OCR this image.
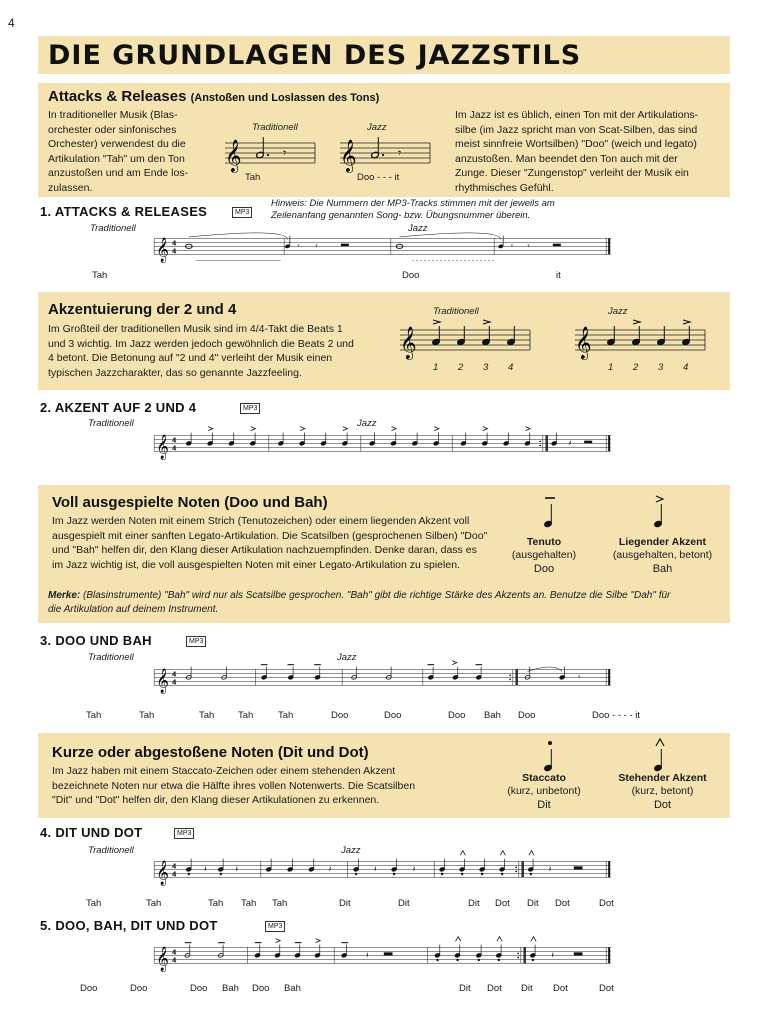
4
DIE GRUNDLAGEN DES JAZZSTILS
Attacks & Releases (Anstoßen und Loslassen des Tons)
In traditioneller Musik (Blas-
orchester oder sinfonisches
Orchester) verwendest du die
Artikulation "Tah" um den Ton
anzustoßen und am Ende los-
zulassen.
Im Jazz ist es üblich, einen Ton mit der Artikulations-
silbe (im Jazz spricht man von Scat-Silben, das sind
meist sinnfreie Wortsilben) "Doo" (weich und legato)
anzustoßen. Man beendet den Ton auch mit der
Zunge. Dieser "Zungenstop" verleiht der Musik ein
rhythmisches Gefühl.
Traditionell	Jazz
𝄞	𝄞
𝄾	𝄾
Tah	Doo - - - it
1. ATTACKS & RELEASES	MP3
Hinweis: Die Nummern der MP3-Tracks stimmen mit der jeweils am
Zeilenanfang genannten Song- bzw. Übungsnummer überein.
Traditionell	Jazz
𝄞 4
4
𝄾 𝄾	𝄾 𝄾
Tah	Doo	it
Akzentuierung der 2 und 4
Im Großteil der traditionellen Musik sind im 4/4-Takt die Beats 1
und 3 wichtig. Im Jazz werden jedoch gewöhnlich die Beats 2 und
4 betont. Die Betonung auf "2 und 4" verleiht der Musik einen
typischen Jazzcharakter, das so genannte Jazzfeeling.
Traditionell	Jazz
𝄞	𝄞
1 2 3 4	1 2 3 4
2. AKZENT AUF 2 UND 4	MP3
Traditionell	Jazz
𝄞 4
4
𝄽
Voll ausgespielte Noten (Doo und Bah)
Im Jazz werden Noten mit einem Strich (Tenutozeichen) oder einem liegenden Akzent voll
ausgespielt mit einer sanften Legato-Artikulation. Die Scatsilben (gesprochenen Silben) "Doo"
und "Bah" helfen dir, den Klang dieser Artikulation nachzuempfinden. Denke daran, dass es
im Jazz wichtig ist, die voll ausgespielten Noten mit einer Legato-Artikulation zu spielen.
Tenuto
(ausgehalten)
Doo
Liegender Akzent
(ausgehalten, betont)
Bah
Merke: (Blasinstrumente) "Bah" wird nur als Scatsilbe gesprochen. "Bah" gibt die richtige Stärke des Akzents an. Benutze die Silbe "Dah" für
die Artikulation auf deinem Instrument.
3. DOO UND BAH	MP3
Traditionell	Jazz
𝄞 4
4
𝄾
Tah	Tah	Tah Tah	Tah	Doo	Doo	Doo Bah Doo	Doo - - - - it
Kurze oder abgestoßene Noten (Dit und Dot)
Im Jazz haben mit einem Staccato-Zeichen oder einem stehenden Akzent
bezeichnete Noten nur etwa die Hälfte ihres vollen Notenwerts. Die Scatsilben
"Dit" und "Dot" helfen dir, den Klang dieser Artikulationen zu erkennen.
Staccato
(kurz, unbetont)
Dit
Stehender Akzent
(kurz, betont)
Dot
4. DIT UND DOT	MP3
Traditionell	Jazz
𝄞 4
4
𝄽 𝄽	𝄽	𝄽	𝄽	𝄽
Tah	Tah	Tah Tah Tah	Dit	Dit	Dit Dot Dit Dot	Dot
5. DOO, BAH, DIT UND DOT	MP3
𝄞 4
4
𝄽	𝄽
Doo	Doo	Doo Bah Doo Bah	Dit Dot Dit Dot	Dot
